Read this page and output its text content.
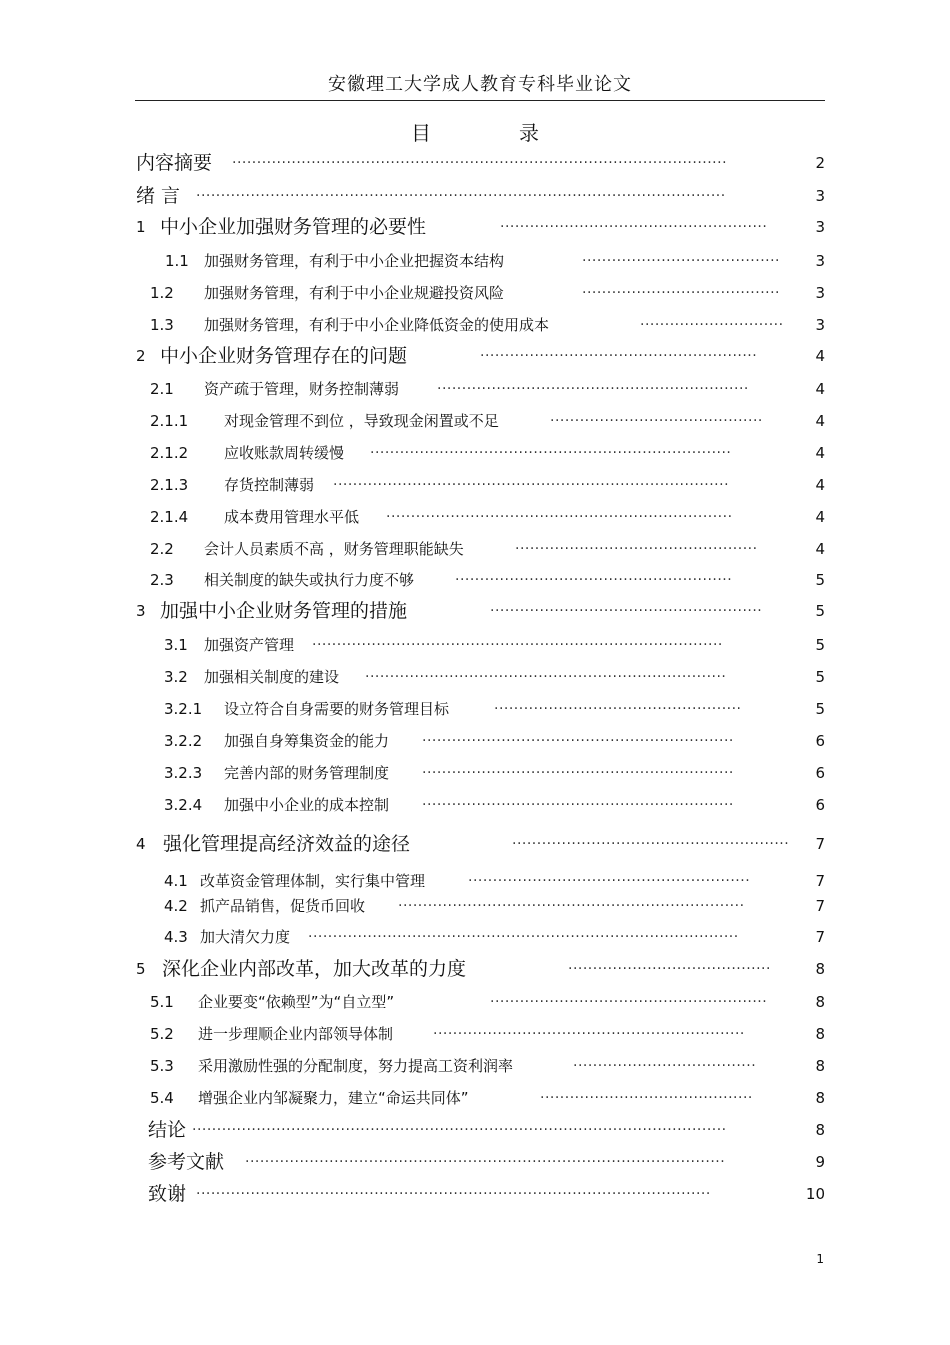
安徽理工大学成人教育专科毕业论文
目	录
内容摘要 ····································································································	2
绪 言 ···········································································································	3
1 中小企业加强财务管理的必要性	······················································	3
1.1 加强财务管理，有利于中小企业把握资本结构	········································	3
1.2 加强财务管理，有利于中小企业规避投资风险	········································	3
1.3 加强财务管理，有利于中小企业降低资金的使用成本	·····························	3
2 中小企业财务管理存在的问题	························································	4
2.1 资产疏于管理，财务控制薄弱	·······························································	4
2.1.1 对现金管理不到位 ，导致现金闲置或不足	···········································	4
2.1.2 应收账款周转缓慢 ·········································································	4
2.1.3 存货控制薄弱 ················································································	4
2.1.4 成本费用管理水平低 ······································································	4
2.2 会计人员素质不高 ，财务管理职能缺失	·················································	4
2.3 相关制度的缺失或执行力度不够	························································	5
3 加强中小企业财务管理的措施	·······················································	5
3.1 加强资产管理 ···················································································	5
3.2 加强相关制度的建设 ·········································································	5
3.2.1 设立符合自身需要的财务管理目标	··················································	5
3.2.2 加强自身筹集资金的能力 ·······························································	6
3.2.3 完善内部的财务管理制度 ·······························································	6
3.2.4 加强中小企业的成本控制 ·······························································	6
4 强化管理提高经济效益的途径	························································	7
4.1 改革资金管理体制，实行集中管理	·························································	7
4.2 抓产品销售，促货币回收 ······································································	7
4.3 加大清欠力度 ·······················································································	7
5 深化企业内部改革，加大改革的力度	·········································	8
5.1 企业要变“依赖型”为“自立型”	························································	8
5.2 进一步理顺企业内部领导体制	·······························································	8
5.3 采用激励性强的分配制度，努力提高工资利润率	·····································	8
5.4 增强企业内邹凝聚力，建立“命运共同体”	···········································	8
结论 ············································································································	8
参考文献 ·································································································	9
致谢 ········································································································	10
1
